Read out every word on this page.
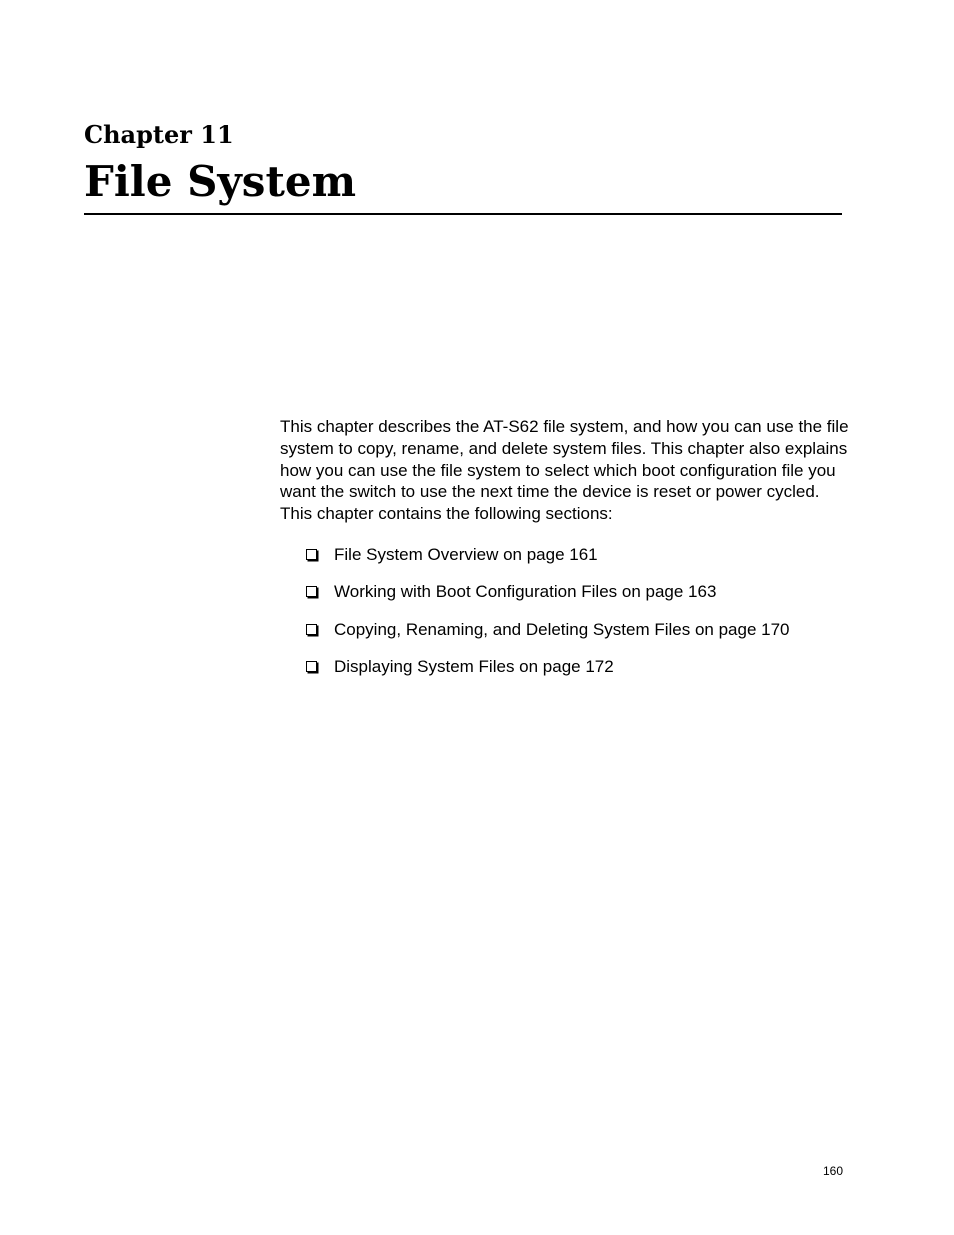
Chapter 11
File System

This chapter describes the AT-S62 file system, and how you can use the file system to copy, rename, and delete system files. This chapter also explains how you can use the file system to select which boot configuration file you want the switch to use the next time the device is reset or power cycled. This chapter contains the following sections:

File System Overview on page 161
Working with Boot Configuration Files on page 163
Copying, Renaming, and Deleting System Files on page 170
Displaying System Files on page 172

160
